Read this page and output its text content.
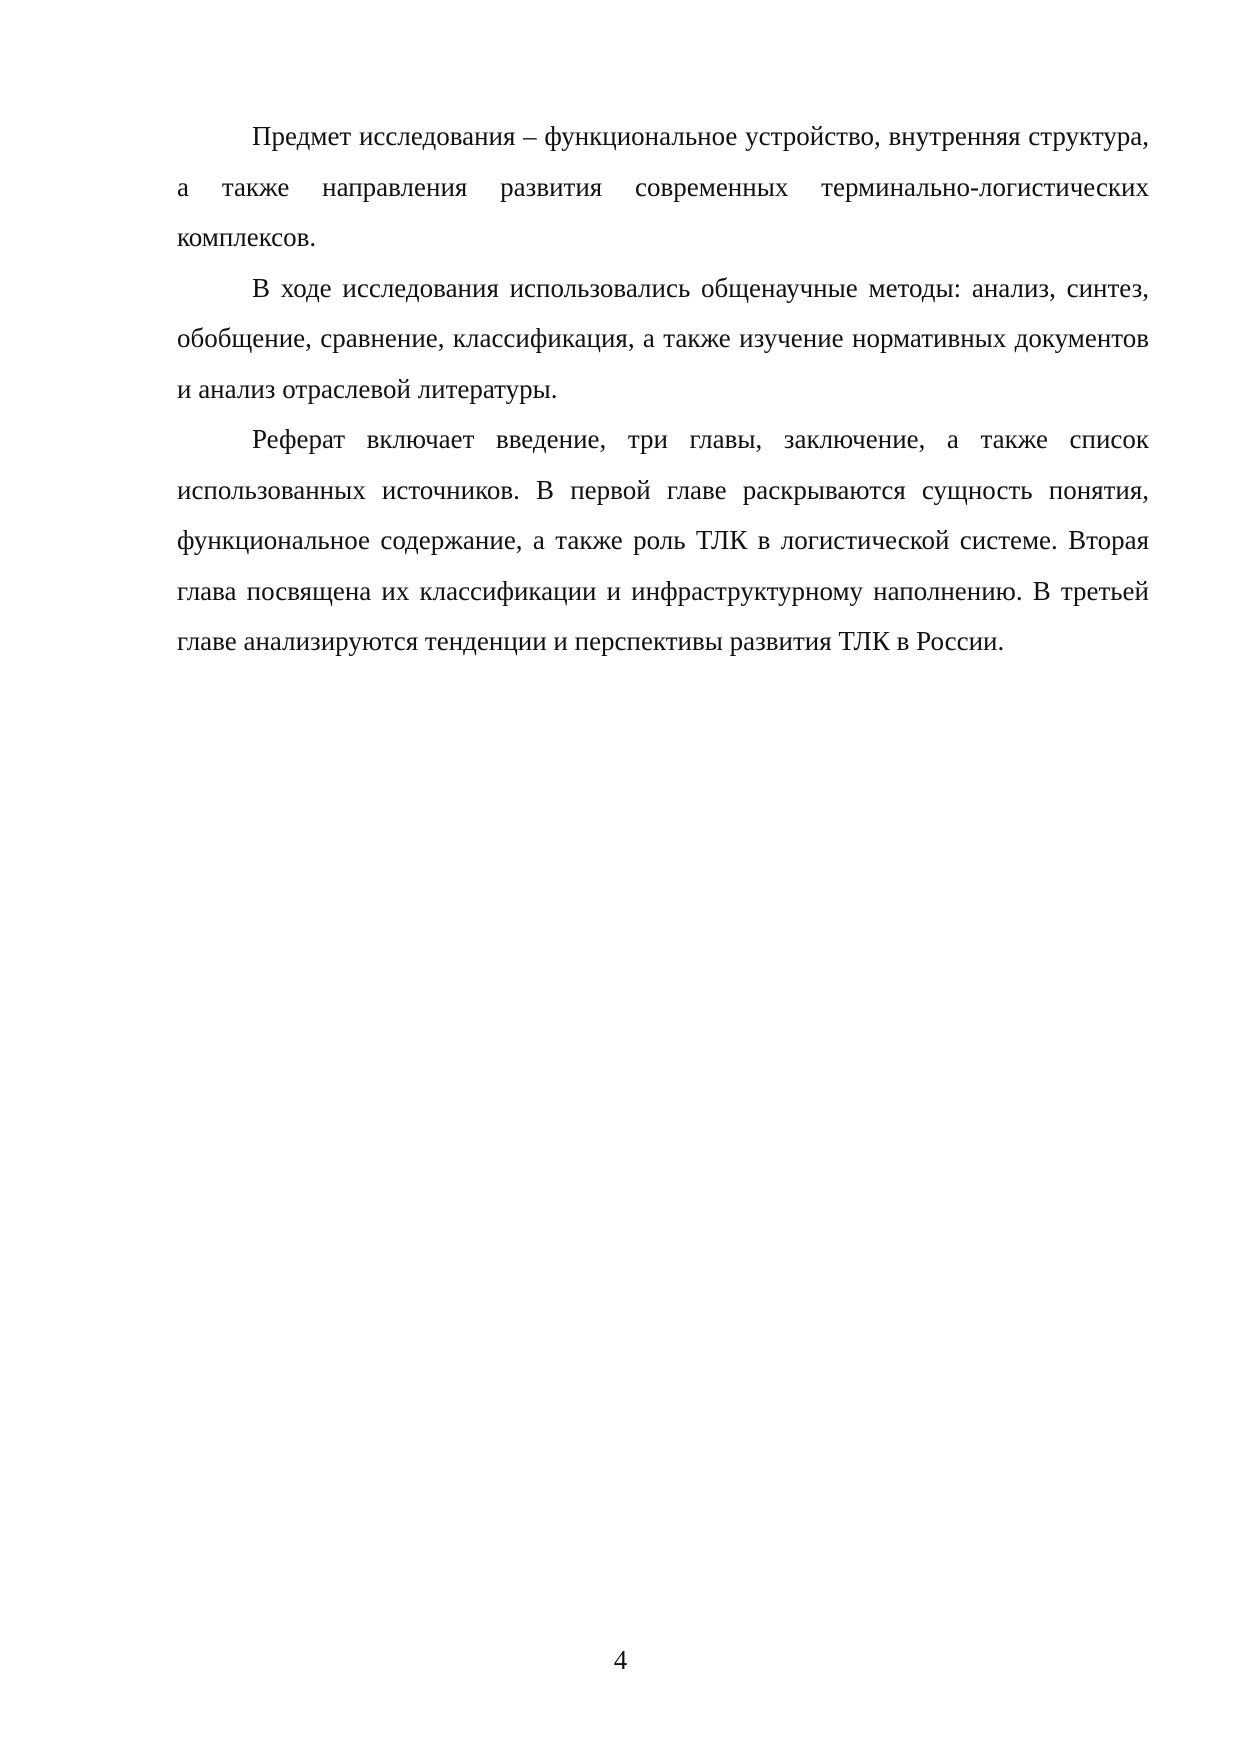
Предмет исследования – функциональное устройство, внутренняя структура, а также направления развития современных терминально-логистических комплексов.

В ходе исследования использовались общенаучные методы: анализ, синтез, обобщение, сравнение, классификация, а также изучение нормативных документов и анализ отраслевой литературы.

Реферат включает введение, три главы, заключение, а также список использованных источников. В первой главе раскрываются сущность понятия, функциональное содержание, а также роль ТЛК в логистической системе. Вторая глава посвящена их классификации и инфраструктурному наполнению. В третьей главе анализируются тенденции и перспективы развития ТЛК в России.

4
